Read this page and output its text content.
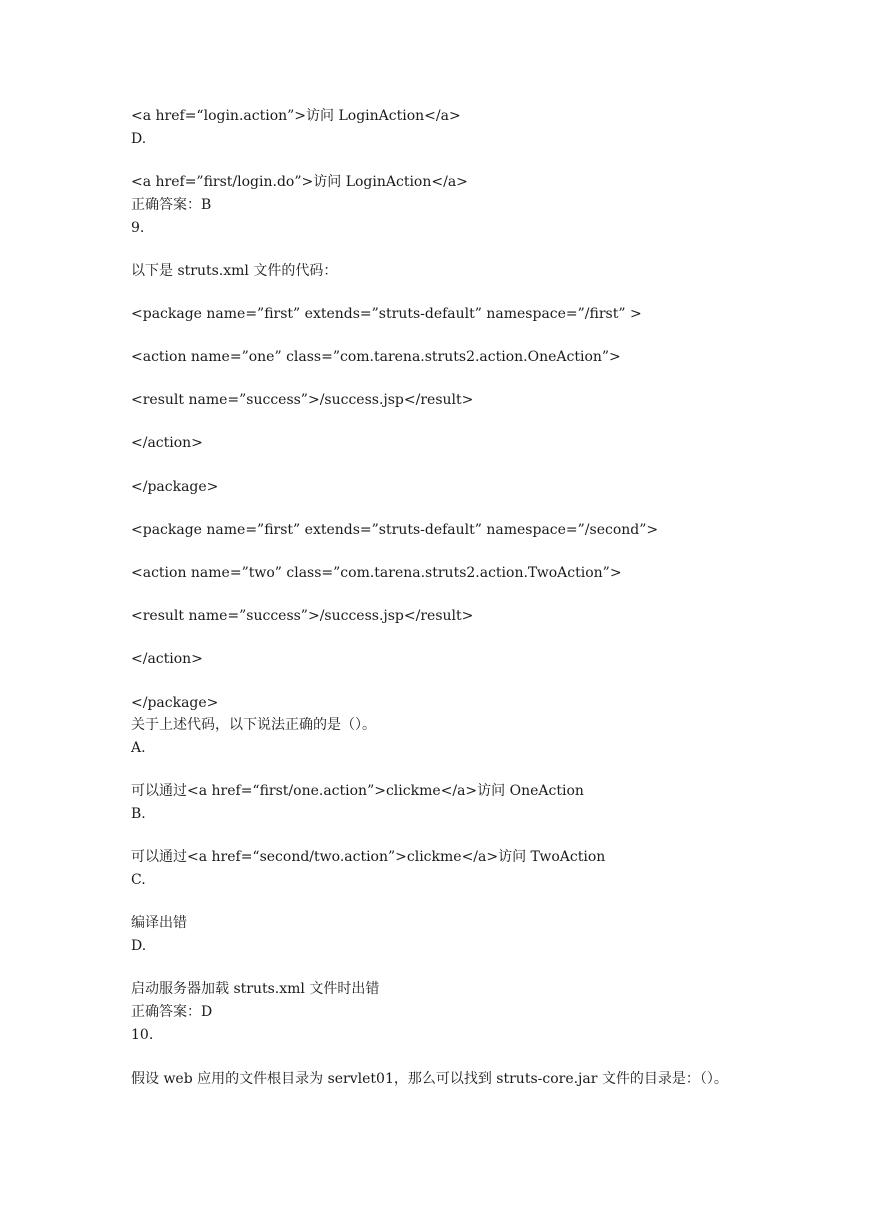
<a href=“login.action”>访问 LoginAction</a>

D.

<a href=”first/login.do”>访问 LoginAction</a>

正确答案：B

9.

以下是 struts.xml 文件的代码：

<package name=”first” extends=”struts-default” namespace=”/first” >

<action name=”one” class=”com.tarena.struts2.action.OneAction”>

<result name=”success”>/success.jsp</result>

</action>

</package>

<package name=”first” extends=”struts-default” namespace=”/second”>

<action name=”two” class=”com.tarena.struts2.action.TwoAction”>

<result name=”success”>/success.jsp</result>

</action>

</package>

关于上述代码，以下说法正确的是（）。

A.

可以通过<a href=“first/one.action”>clickme</a>访问 OneAction

B.

可以通过<a href=“second/two.action”>clickme</a>访问 TwoAction

C.

编译出错

D.

启动服务器加载 struts.xml 文件时出错

正确答案：D

10.

假设 web 应用的文件根目录为 servlet01，那么可以找到 struts-core.jar 文件的目录是：（）。
